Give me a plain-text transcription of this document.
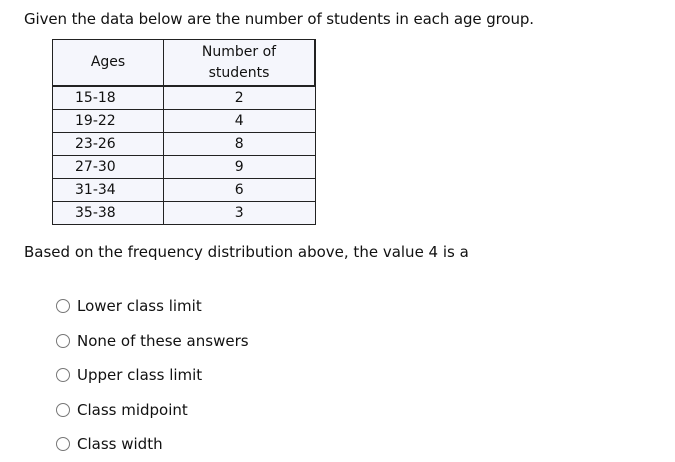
Given the data below are the number of students in each age group.
Ages	Number of
students
15-18	2
19-22	4
23-26	8
27-30	9
31-34	6
35-38	3
Based on the frequency distribution above, the value 4 is a
Lower class limit
None of these answers
Upper class limit
Class midpoint
Class width
